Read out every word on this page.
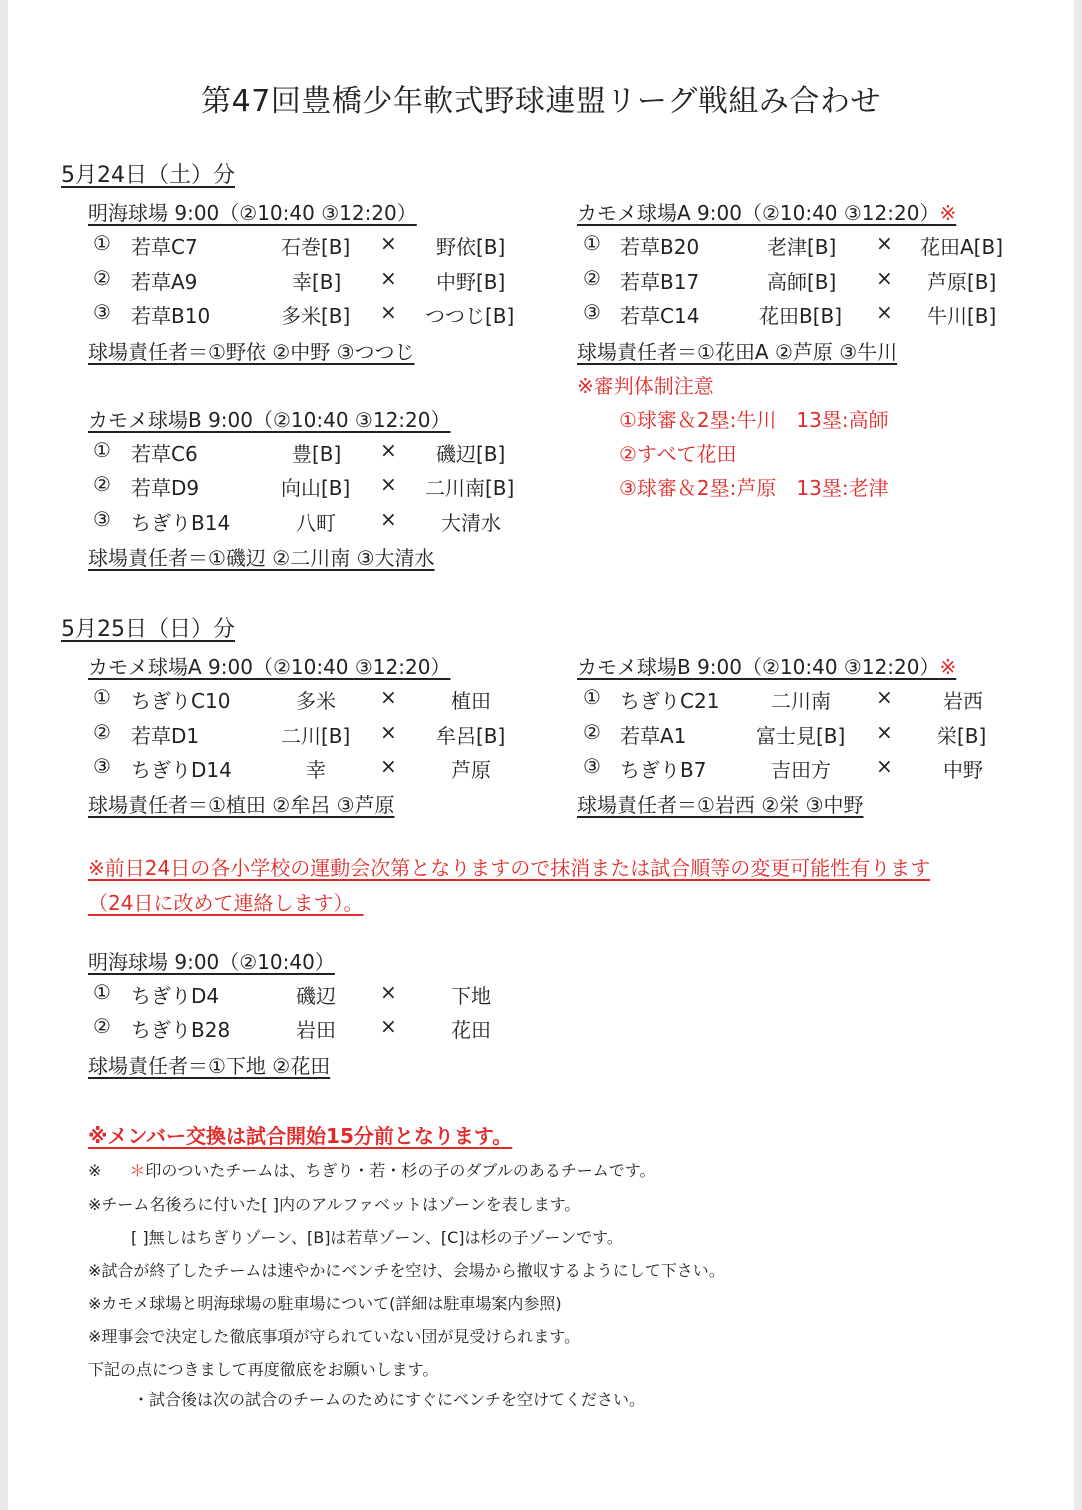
第47回豊橋少年軟式野球連盟リーグ戦組み合わせ
5月24日（土）分
明海球場 9:00（②10:40 ③12:20）
① 若草C7	石巻[B] × 野依[B]
② 若草A9	幸[B] × 中野[B]
③ 若草B10	多米[B] × つつじ[B]
球場責任者＝①野依 ②中野 ③つつじ
カモメ球場A 9:00（②10:40 ③12:20）※
① 若草B20	老津[B] × 花田A[B]
② 若草B17	高師[B] × 芦原[B]
③ 若草C14	花田B[B] × 牛川[B]
球場責任者＝①花田A ②芦原 ③牛川
※審判体制注意
①球審＆2塁:牛川　13塁:高師
②すべて花田
③球審＆2塁:芦原　13塁:老津
カモメ球場B 9:00（②10:40 ③12:20）
① 若草C6	豊[B] × 磯辺[B]
② 若草D9	向山[B] × 二川南[B]
③ ちぎりB14	八町 × 大清水
球場責任者＝①磯辺 ②二川南 ③大清水
5月25日（日）分
カモメ球場A 9:00（②10:40 ③12:20）
① ちぎりC10	多米 ×	植田
② 若草D1	二川[B] × 牟呂[B]
③ ちぎりD14	幸	×	芦原
球場責任者＝①植田 ②牟呂 ③芦原
カモメ球場B 9:00（②10:40 ③12:20）※
① ちぎりC21	二川南 ×	岩西
② 若草A1	富士見[B] × 栄[B]
③ ちぎりB7	吉田方 ×	中野
球場責任者＝①岩西 ②栄 ③中野
※前日24日の各小学校の運動会次第となりますので抹消または試合順等の変更可能性有ります
（24日に改めて連絡します）。
明海球場 9:00（②10:40）
① ちぎりD4	磯辺 ×	下地
② ちぎりB28	岩田 ×	花田
球場責任者＝①下地 ②花田
※メンバー交換は試合開始15分前となります。
※ ＊印のついたチームは、ちぎり・若・杉の子のダブルのあるチームです。
※チーム名後ろに付いた[ ]内のアルファベットはゾーンを表します。
[ ]無しはちぎりゾーン、[B]は若草ゾーン、[C]は杉の子ゾーンです。
※試合が終了したチームは速やかにベンチを空け、会場から撤収するようにして下さい。
※カモメ球場と明海球場の駐車場について(詳細は駐車場案内参照)
※理事会で決定した徹底事項が守られていない団が見受けられます。
下記の点につきまして再度徹底をお願いします。
・試合後は次の試合のチームのためにすぐにベンチを空けてください。
